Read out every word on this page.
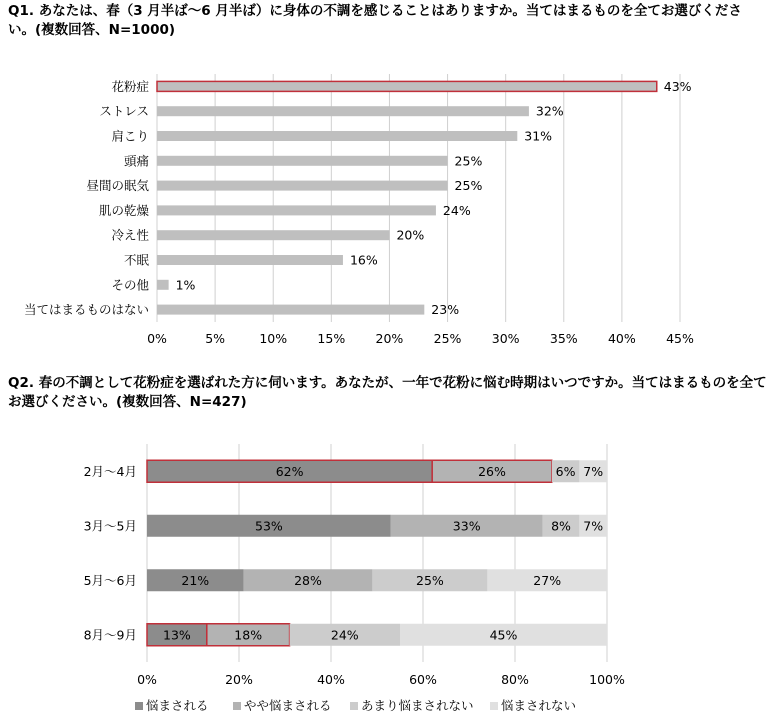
Q1. あなたは、春（3 月半ば〜6 月半ば）に身体の不調を感じることはありますか。当てはまるものを全てお選びください。(複数回答、N=1000)

Q2. 春の不調として花粉症を選ばれた方に伺います。あなたが、一年で花粉に悩む時期はいつですか。当てはまるものを全てお選びください。(複数回答、N=427)

0%	5%	10% 15% 20% 25% 30% 35% 40% 45%
花粉症	43%
ストレス	32%
肩こり	31%
頭痛	25%
昼間の眠気	25%
肌の乾燥	24%
冷え性	20%
不眠	16%
その他 1%
当てはまるものはない	23%
0%	20%	40%	60%	80%	100%
2月〜4月	62%	26%	6% 7%
3月〜5月	53%	33%	8% 7%
5月〜6月	21%	28%	25%	27%
8月〜9月 13%	18%	24%	45%
悩まされる	やや悩まされる あまり悩まされない 悩まされない
